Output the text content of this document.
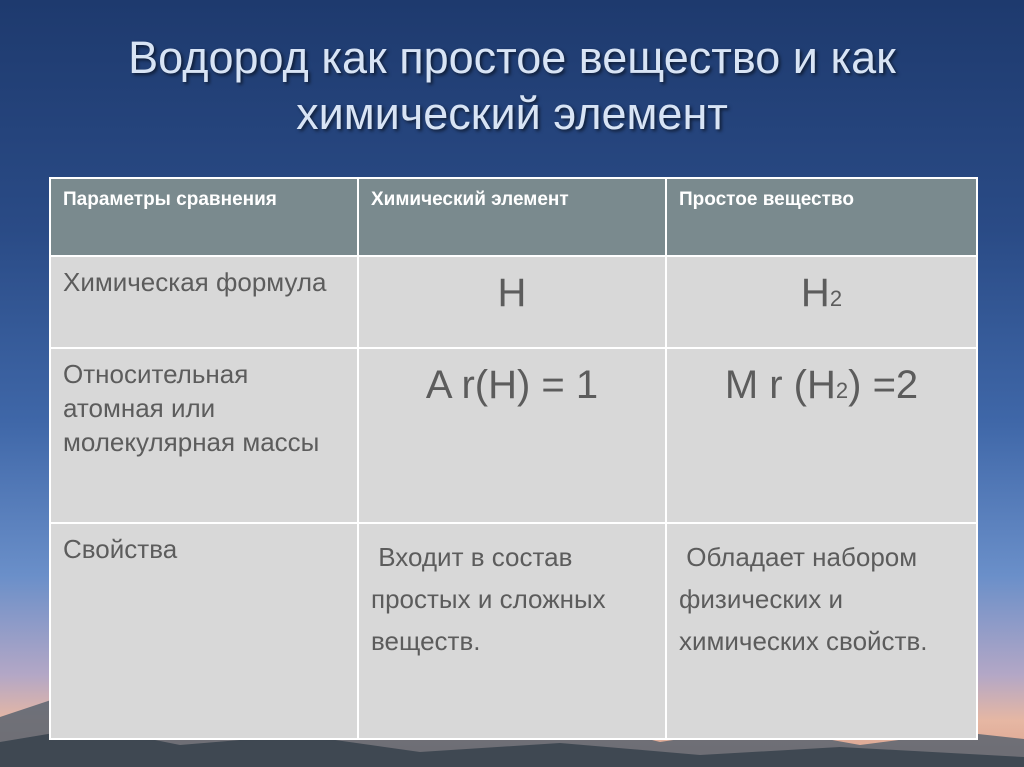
Водород как простое вещество и как
химический элемент
Параметры сравнения	Химический элемент	Простое вещество
Химическая формула	H	H2
Относительная атомная или молекулярная массы	A r(H) = 1	M r (H2) =2
Свойства	Входит в состав простых и сложных веществ.	Обладает набором физических и химических свойств.
